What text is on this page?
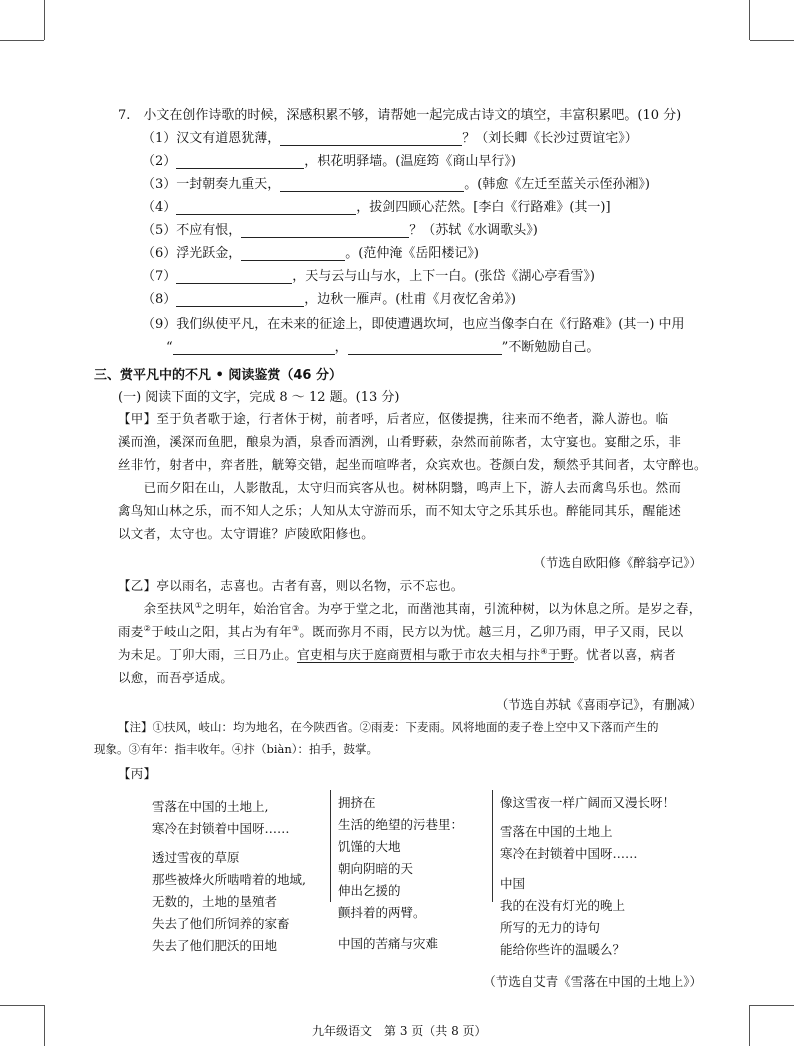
7.　小文在创作诗歌的时候，深感积累不够，请帮她一起完成古诗文的填空，丰富积累吧。(10 分)
（1）汉文有道恩犹薄，	？（刘长卿《长沙过贾谊宅》）
（2）	，枳花明驿墙。(温庭筠《商山早行》)
（3）一封朝奏九重天，	。(韩愈《左迁至蓝关示侄孙湘》)
（4）	，拔剑四顾心茫然。[李白《行路难》(其一)]
（5）不应有恨，	？（苏轼《水调歌头》)
（6）浮光跃金，	。(范仲淹《岳阳楼记》)
（7）	，天与云与山与水，上下一白。(张岱《湖心亭看雪》)
（8）	，边秋一雁声。(杜甫《月夜忆舍弟》)
（9）我们纵使平凡，在未来的征途上，即使遭遇坎坷，也应当像李白在《行路难》(其一) 中用
“	，	”不断勉励自己。
三、赏平凡中的不凡 • 阅读鉴赏（46 分）
(一) 阅读下面的文字，完成 8 ～ 12 题。(13 分)
【甲】至于负者歌于途，行者休于树，前者呼，后者应，伛偻提携，往来而不绝者，滁人游也。临
溪而渔，溪深而鱼肥，酿泉为酒，泉香而酒洌，山肴野蔌，杂然而前陈者，太守宴也。宴酣之乐，非
丝非竹，射者中，弈者胜，觥筹交错，起坐而喧哗者，众宾欢也。苍颜白发，颓然乎其间者，太守醉也。
　　已而夕阳在山，人影散乱，太守归而宾客从也。树林阴翳，鸣声上下，游人去而禽鸟乐也。然而
禽鸟知山林之乐，而不知人之乐；人知从太守游而乐，而不知太守之乐其乐也。醉能同其乐，醒能述
以文者，太守也。太守谓谁？庐陵欧阳修也。
（节选自欧阳修《醉翁亭记》）
【乙】亭以雨名，志喜也。古者有喜，则以名物，示不忘也。
　　余至扶风①之明年，始治官舍。为亭于堂之北，而凿池其南，引流种树，以为休息之所。是岁之春，
雨麦②于岐山之阳，其占为有年③。既而弥月不雨，民方以为忧。越三月，乙卯乃雨，甲子又雨，民以
为未足。丁卯大雨，三日乃止。官吏相与庆于庭商贾相与歌于市农夫相与抃④于野。忧者以喜，病者
以愈，而吾亭适成。
（节选自苏轼《喜雨亭记》，有删减）
【注】①扶风，岐山：均为地名，在今陕西省。②雨麦：下麦雨。风将地面的麦子卷上空中又下落而产生的
现象。③有年：指丰收年。④抃（biàn）：拍手，鼓掌。
【丙】
雪落在中国的土地上,
寒冷在封锁着中国呀……
透过雪夜的草原
那些被烽火所啮啃着的地域,
无数的，土地的垦殖者
失去了他们所饲养的家畜
失去了他们肥沃的田地
拥挤在
生活的绝望的污巷里：
饥馑的大地
朝向阴暗的天
伸出乞援的
颤抖着的两臂。
中国的苦痛与灾难
像这雪夜一样广阔而又漫长呀！
雪落在中国的土地上
寒冷在封锁着中国呀……
中国
我的在没有灯光的晚上
所写的无力的诗句
能给你些许的温暖么？
（节选自艾青《雪落在中国的土地上》）
九年级语文　第 3 页（共 8 页）
